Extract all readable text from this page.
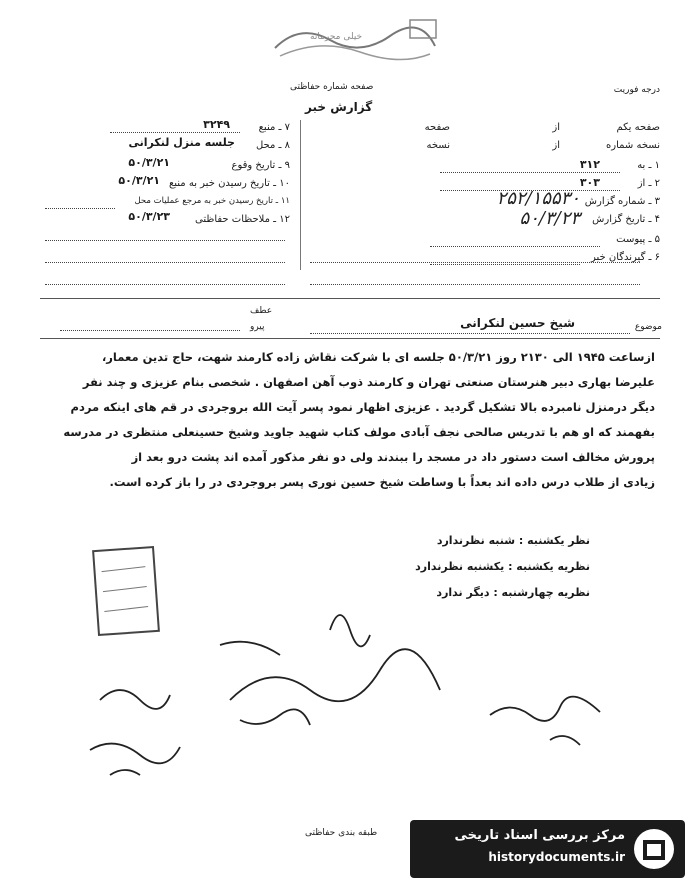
خیلی محرمانه
درجه فوریت
صفحه شماره حفاظتی
گزارش خبر
صفحه یکم
از
صفحه
نسخه شماره
از
نسخه
۱ ـ به
۳۱۲
۲ ـ از
۳۰۳
۳ ـ شماره گزارش
۲۵۲/۱۵۵۳۰
۴ ـ تاریخ گزارش
۵۰/۳/۲۳
۵ ـ پیوست
۶ ـ گیرندگان خبر
۷ ـ منبع
۳۲۴۹
۸ ـ محل
جلسه منزل لنکرانی
۹ ـ تاریخ وقوع
۵۰/۳/۲۱
۱۰ ـ تاریخ رسیدن خبر به منبع
۵۰/۳/۲۱
۱۱ ـ تاریخ رسیدن خبر به مرجع عملیات محل
۱۲ ـ ملاحظات حفاظتی
۵۰/۳/۲۳
موضوع
شیخ حسین لنکرانی
عطف
پیرو
ازساعت ۱۹۴۵ الی ۲۱۳۰ روز ۵۰/۳/۲۱ جلسه ای با شرکت نقاش زاده کارمند شهت، حاج تدین معمار،
علیرضا بهاری دبیر هنرستان صنعتی تهران و کارمند ذوب آهن اصفهان . شخصی بنام عزیزی و چند نفر
دیگر درمنزل نامبرده بالا تشکیل گردید . عزیزی اظهار نمود پسر آیت الله بروجردی در قم های اینکه مردم
بفهمند که او هم با تدریس صالحی نجف آبادی مولف کتاب شهید جاوید وشیخ حسینعلی منتظری در مدرسه
پرورش مخالف است دستور داد در مسجد را ببندند ولی دو نفر مذکور آمده اند پشت درو بعد از
زیادی از طلاب درس داده اند بعداً با وساطت شیخ حسین نوری پسر بروجردی در را باز کرده است.
نظر یکشنبه : شنبه نظرندارد
نظریه یکشنبه : یکشنبه نظرندارد
نظریه چهارشنبه : دیگر ندارد
طبقه بندی حفاظتی	مرکز بررسی اسناد تاریخی
historydocuments.ir
